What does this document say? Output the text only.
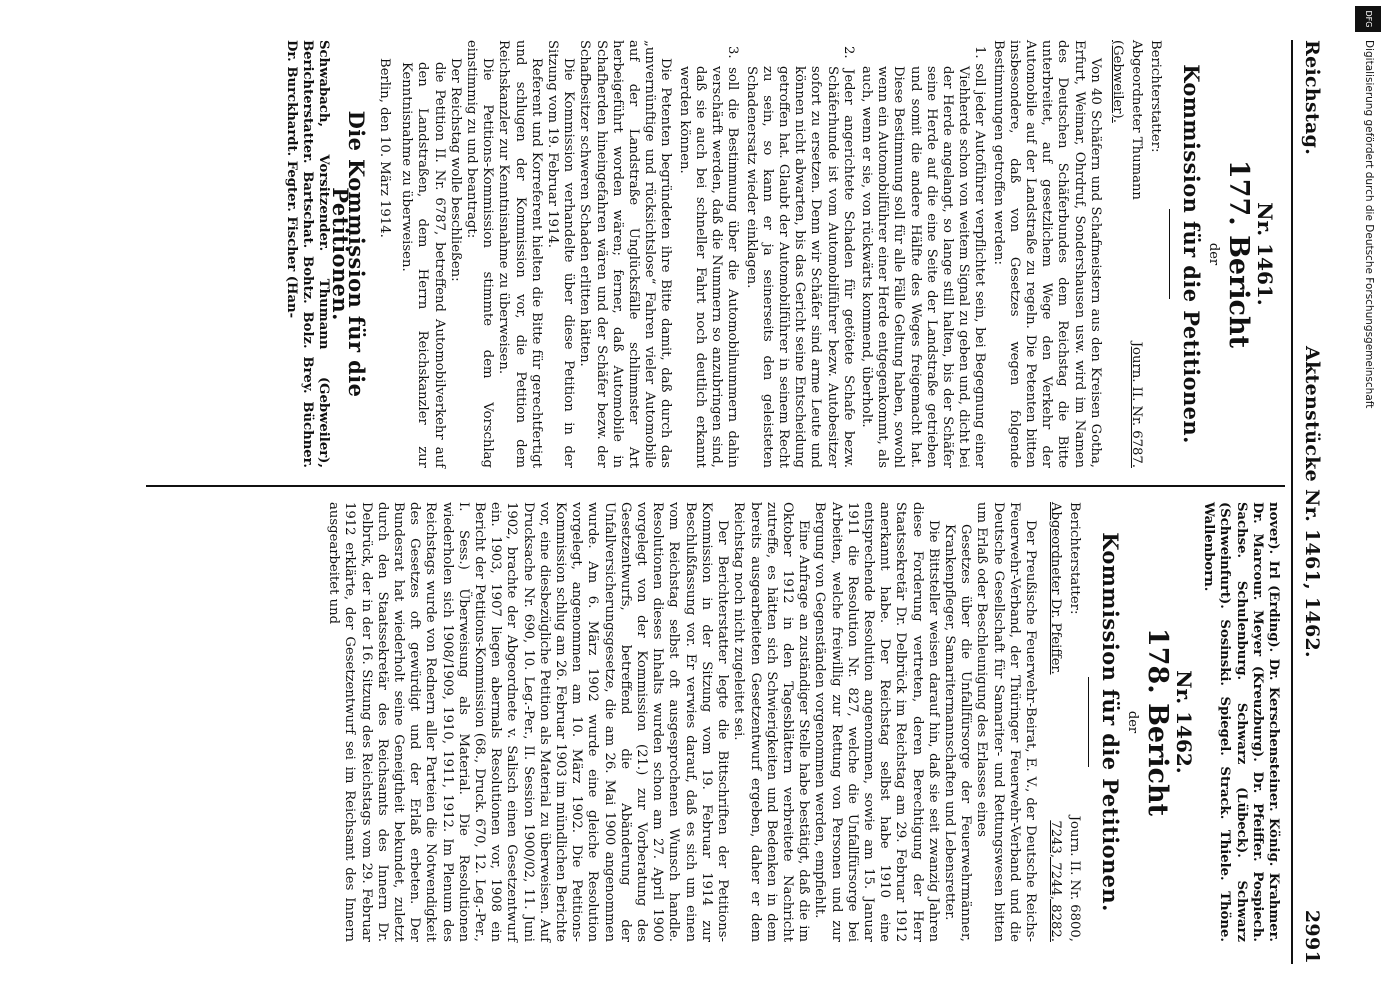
DFG
Digitalisierung gefördert durch die Deutsche Forschungsgemeinschaft
Reichstag.
Aktenstücke Nr. 1461, 1462.
2991
Nr. 1461.
177. Bericht
der
Kommission für die Petitionen.
Berichterstatter:
Abgeordneter Thumann
Journ. II. Nr. 6787.
(Gebweiler).

Von 40 Schäfern und Schafmeistern aus den Kreisen Gotha, Erfurt, Weimar, Ohrdruf, Sondershausen usw. wird im Namen des Deutschen Schäferbundes dem Reichstag die Bitte unterbreitet, auf gesetzlichem Wege den Verkehr der Automobile auf der Landstraße zu regeln. Die Petenten bitten insbesondere, daß von Gesetzes wegen folgende Bestimmungen getroffen werden:

1. soll jeder Autoführer verpflichtet sein, bei Begegnung einer Viehherde schon von weitem Signal zu geben und, dicht bei der Herde angelangt, so lange still halten, bis der Schäfer seine Herde auf die eine Seite der Landstraße getrieben und somit die andere Hälfte des Weges freigemacht hat. Diese Bestimmung soll für alle Fälle Geltung haben, sowohl wenn ein Automobilführer einer Herde entgegenkommt, als auch, wenn er sie, von rückwärts kommend, überholt.
2. Jeder angerichtete Schaden für getötete Schafe bezw. Schäferhunde ist vom Automobilführer bezw. Autobesitzer sofort zu ersetzen. Denn wir Schäfer sind arme Leute und können nicht abwarten, bis das Gericht seine Entscheidung getroffen hat. Glaubt der Automobilführer in seinem Recht zu sein, so kann er ja seinerseits den geleisteten Schadenersatz wieder einklagen.
3. soll die Bestimmung über die Automobilnummern dahin verschärft werden, daß die Nummern so anzubringen sind, daß sie auch bei schneller Fahrt noch deutlich erkannt werden können.

Die Petenten begründeten ihre Bitte damit, daß durch das „unvernünftige und rücksichtslose“ Fahren vieler Automobile auf der Landstraße Unglücksfälle schlimmster Art herbeigeführt worden wären; ferner, daß Automobile in Schafherden hineingefahren wären und der Schäfer bezw. der Schafbesitzer schweren Schaden erlitten hätten.

Die Kommission verhandelte über diese Petition in der Sitzung vom 19. Februar 1914.

Referent und Korreferent hielten die Bitte für gerechtfertigt und schlugen der Kommission vor, die Petition dem Reichskanzler zur Kenntnisnahme zu überweisen.

Die Petitions-Kommission stimmte dem Vorschlag einstimmig zu und beantragt:

Der Reichstag wolle beschließen:

die Petition II. Nr. 6787, betreffend Automobilverkehr auf den Landstraßen, dem Herrn Reichskanzler zur Kenntnisnahme zu überweisen.

Berlin, den 10. März 1914.

Die Kommission für die Petitionen.
Schwabach, Vorsitzender. Thumann (Gebweiler), Berichterstatter. Bartschat. Bohtz. Bolz. Brey. Büchner. Dr. Burckhardt. Fegter. Fischer (Han-
nover). Irl (Erding). Dr. Kerschensteiner. König. Krahmer. Dr. Marcour. Meyer (Kreuzburg). Dr. Pfeiffer. Pospiech. Sachse. Schulenburg. Schwarz (Lübeck). Schwarz (Schweinfurt). Sosinski. Spiegel. Strack. Thiele. Thöne. Wallenborn.
Nr. 1462.
178. Bericht
der
Kommission für die Petitionen.
Berichterstatter:
Journ. II. Nr. 6800,
Abgeordneter Dr. Pfeiffer.
7243, 7244, 8282.

Der Preußische Feuerwehr-Beirat, E. V., der Deutsche Reichs-Feuerwehr-Verband, der Thüringer Feuerwehr-Verband und die Deutsche Gesellschaft für Samariter- und Rettungswesen bitten um Erlaß oder Beschleunigung des Erlasses eines

Gesetzes über die Unfallfürsorge der Feuerwehrmänner, Krankenpfleger, Samaritermannschaften und Lebensretter.

Die Bittsteller weisen darauf hin, daß sie seit zwanzig Jahren diese Forderung vertreten, deren Berechtigung der Herr Staatssekretär Dr. Delbrück im Reichstag am 29. Februar 1912 anerkannt habe. Der Reichstag selbst habe 1910 eine entsprechende Resolution angenommen, sowie am 15. Januar 1911 die Resolution Nr. 827, welche die Unfallfürsorge bei Arbeiten, welche freiwillig zur Rettung von Personen und zur Bergung von Gegenständen vorgenommen werden, empfiehlt.

Eine Anfrage an zuständiger Stelle habe bestätigt, daß die im Oktober 1912 in den Tagesblättern verbreitete Nachricht zutreffe, es hätten sich Schwierigkeiten und Bedenken in dem bereits ausgearbeiteten Gesetzentwurf ergeben, daher er dem Reichstag noch nicht zugeleitet sei.

Der Berichterstatter legte die Bittschriften der Petitions-Kommission in der Sitzung vom 19. Februar 1914 zur Beschlußfassung vor. Er verwies darauf, daß es sich um einen vom Reichstag selbst oft ausgesprochenen Wunsch handle. Resolutionen dieses Inhalts wurden schon am 27. April 1900 vorgelegt von der Kommission (21.) zur Vorberatung des Gesetzentwurfs, betreffend die Abänderung der Unfallversicherungsgesetze, die am 26. Mai 1900 angenommen wurde. Am 6. März 1902 wurde eine gleiche Resolution vorgelegt, angenommen am 10. März 1902. Die Petitions-Kommission schlug am 26. Februar 1903 im mündlichen Berichte vor, eine diesbezügliche Petition als Material zu überweisen. Auf Drucksache Nr. 690, 10. Leg.-Per., II. Session 1900/02, 11. Juni 1902, brachte der Abgeordnete v. Salisch einen Gesetzentwurf ein. 1903, 1907 liegen abermals Resolutionen vor, 1908 ein Bericht der Petitions-Kommission (68., Druck. 670, 12. Leg.-Per., I. Sess.) Überweisung als Material. Die Resolutionen wiederholen sich 1908/1909, 1910, 1911, 1912. Im Plenum des Reichstags wurde von Rednern aller Parteien die Notwendigkeit des Gesetzes oft gewürdigt und der Erlaß erbeten. Der Bundesrat hat wiederholt seine Geneigtheit bekundet, zuletzt durch den Staatssekretär des Reichsamts des Innern Dr. Delbrück, der in der 16. Sitzung des Reichstags vom 29. Februar 1912 erklärte, der Gesetzentwurf sei im Reichsamt des Innern ausgearbeitet und
